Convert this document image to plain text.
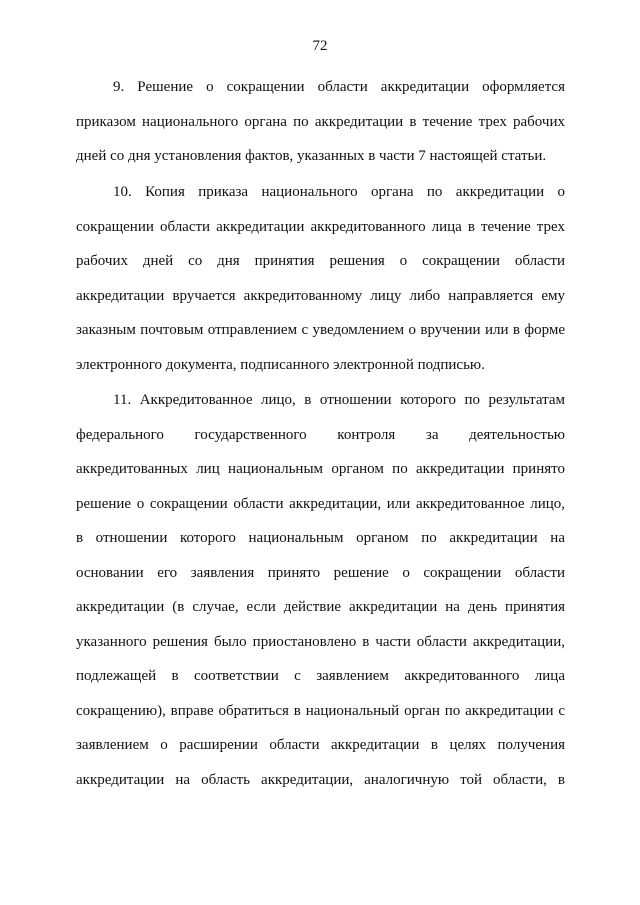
72
9. Решение о сокращении области аккредитации оформляется
приказом национального органа по аккредитации в течение трех рабочих
дней со дня установления фактов, указанных в части 7 настоящей статьи.
10. Копия приказа национального органа по аккредитации о
сокращении области аккредитации аккредитованного лица в течение трех
рабочих дней со дня принятия решения о сокращении области
аккредитации вручается аккредитованному лицу либо направляется ему
заказным почтовым отправлением с уведомлением о вручении или в форме
электронного документа, подписанного электронной подписью.
11. Аккредитованное лицо, в отношении которого по результатам
федерального государственного контроля за деятельностью
аккредитованных лиц национальным органом по аккредитации принято
решение о сокращении области аккредитации, или аккредитованное лицо,
в отношении которого национальным органом по аккредитации на
основании его заявления принято решение о сокращении области
аккредитации (в случае, если действие аккредитации на день принятия
указанного решения было приостановлено в части области аккредитации,
подлежащей в соответствии с заявлением аккредитованного лица
сокращению), вправе обратиться в национальный орган по аккредитации с
заявлением о расширении области аккредитации в целях получения
аккредитации на область аккредитации, аналогичную той области, в
